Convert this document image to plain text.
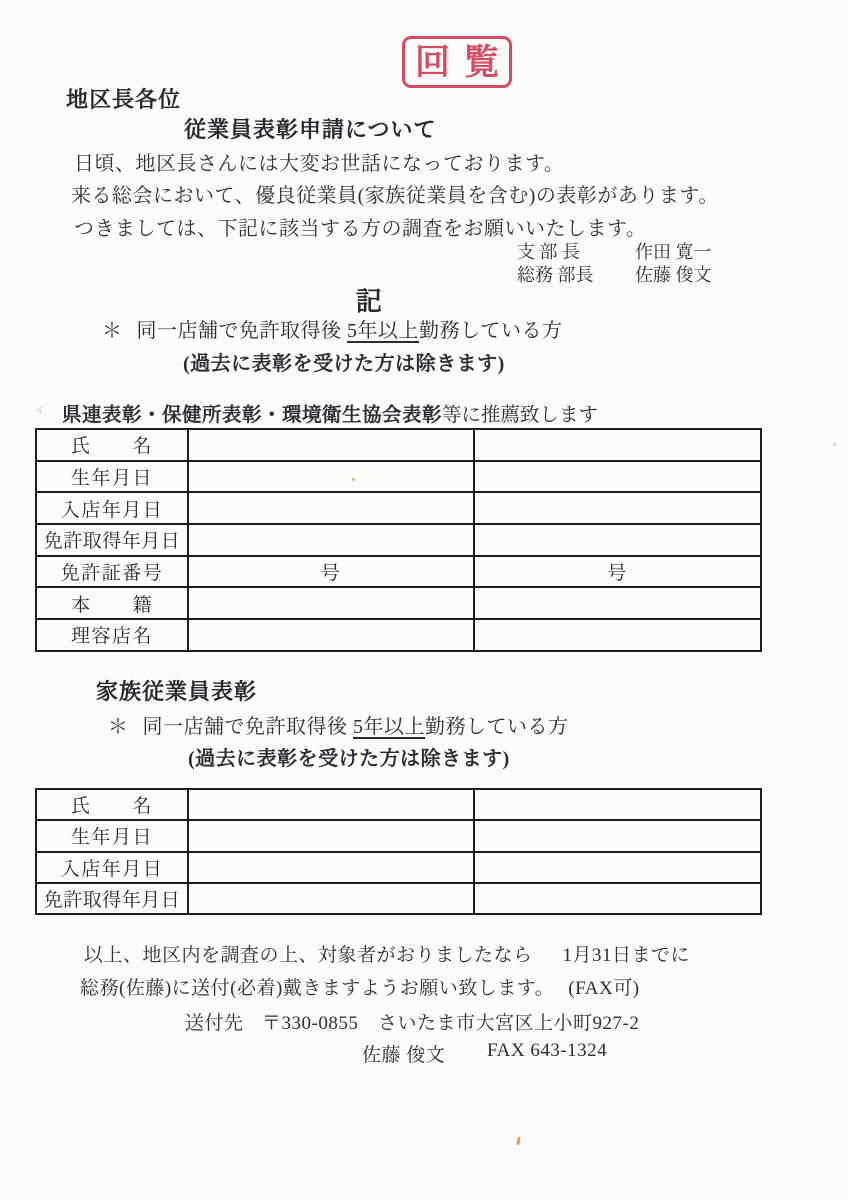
回覧
地区長各位
従業員表彰申請について
日頃、地区長さんには大変お世話になっております。
来る総会において、優良従業員(家族従業員を含む)の表彰があります。
つきましては、下記に該当する方の調査をお願いいたします。
支 部 長	作田 寛一
総務 部長	佐藤 俊文
記
＊ 同一店舗で免許取得後 5年以上勤務している方
(過去に表彰を受けた方は除きます)
県連表彰・保健所表彰・環境衛生協会表彰等に推薦致します
氏　　名		
生年月日		
入店年月日		
免許取得年月日		
免許証番号	号	号
本　　籍		
理容店名		
家族従業員表彰
＊ 同一店舗で免許取得後 5年以上勤務している方
(過去に表彰を受けた方は除きます)
氏　　名		
生年月日		
入店年月日		
免許取得年月日		
以上、地区内を調査の上、対象者がおりましたなら 1月31日までに
総務(佐藤)に送付(必着)戴きますようお願い致します。 (FAX可)
送付先 〒330-0855 さいたま市大宮区上小町927-2
佐藤 俊文 FAX 643-1324
ヾ
